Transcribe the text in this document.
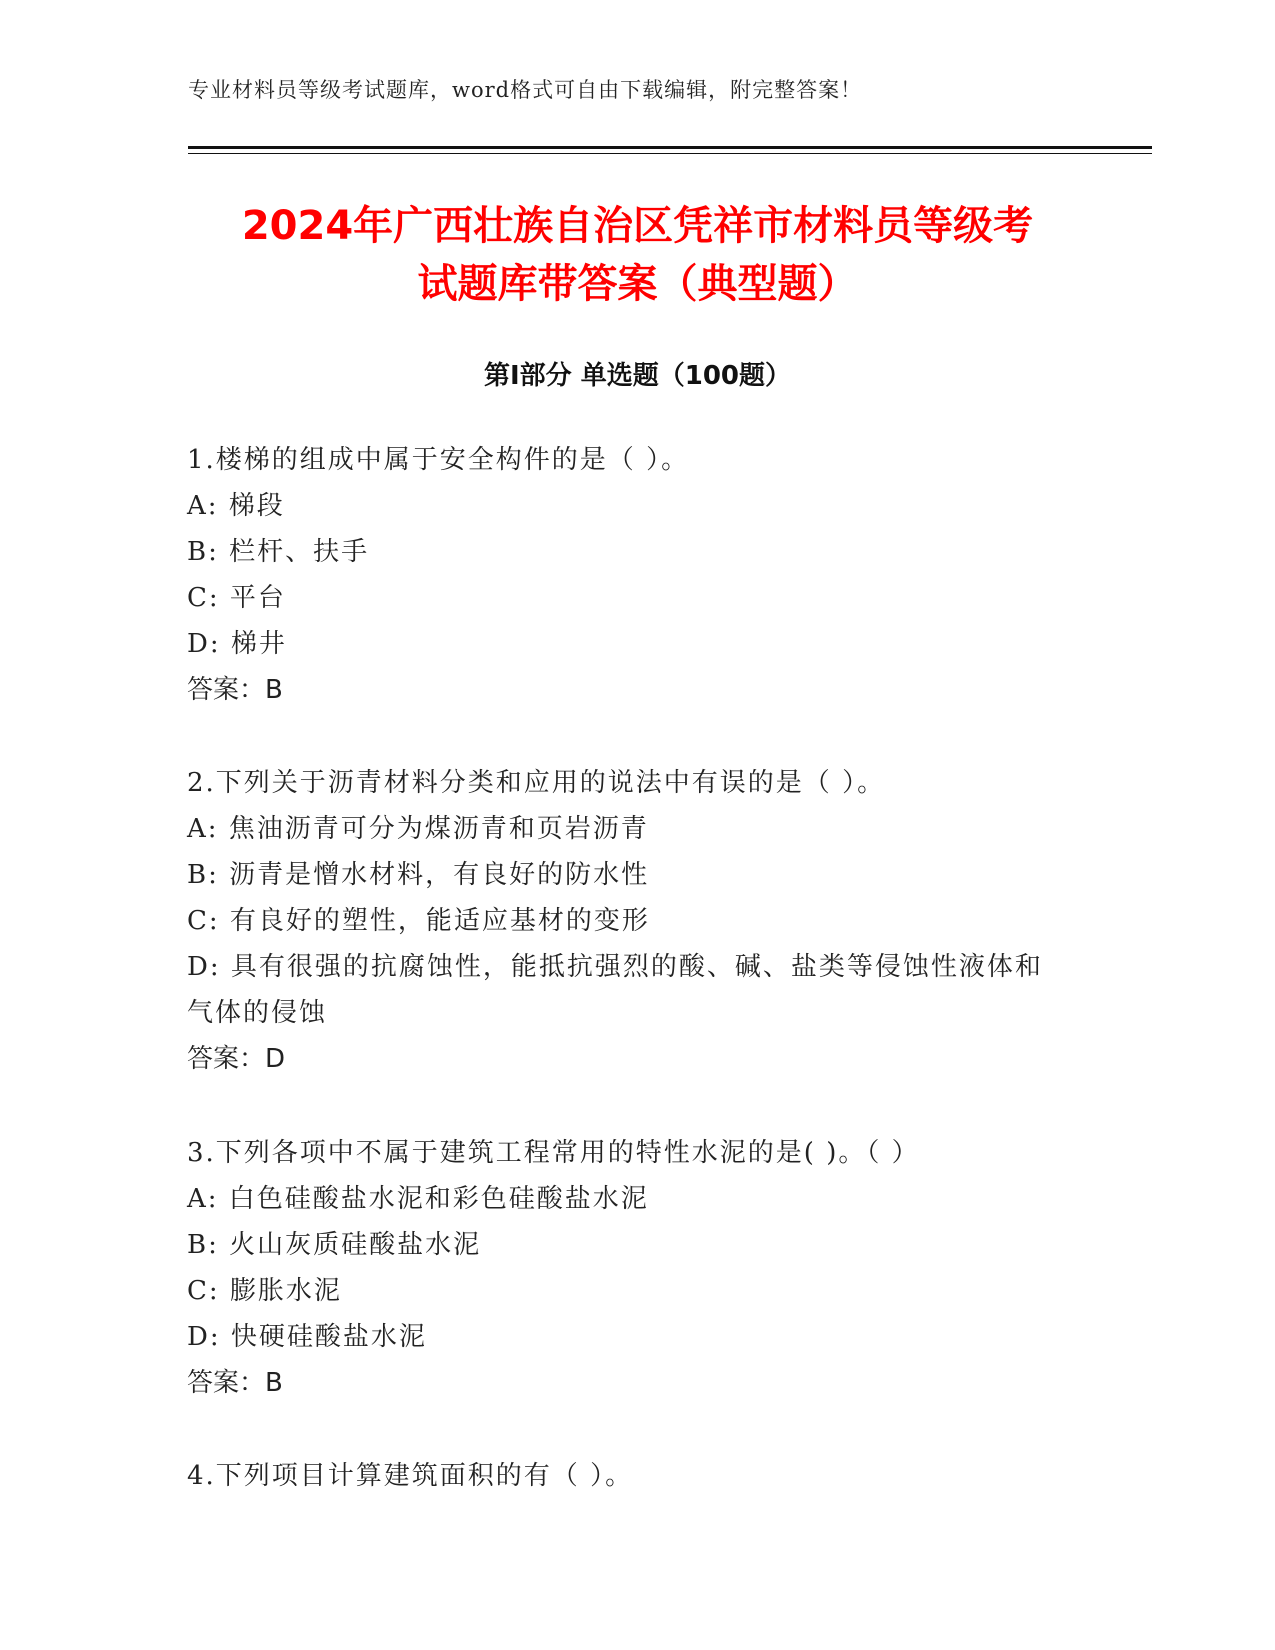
专业材料员等级考试题库，word格式可自由下载编辑，附完整答案！
2024年广西壮族自治区凭祥市材料员等级考
试题库带答案（典型题）
第Ⅰ部分 单选题（100题）
1.楼梯的组成中属于安全构件的是（ ）。
A: 梯段
B: 栏杆、扶手
C: 平台
D: 梯井
答案：B
2.下列关于沥青材料分类和应用的说法中有误的是（ ）。
A: 焦油沥青可分为煤沥青和页岩沥青
B: 沥青是憎水材料，有良好的防水性
C: 有良好的塑性，能适应基材的变形
D: 具有很强的抗腐蚀性，能抵抗强烈的酸、碱、盐类等侵蚀性液体和气体的侵蚀
答案：D
3.下列各项中不属于建筑工程常用的特性水泥的是( )。（ ）
A: 白色硅酸盐水泥和彩色硅酸盐水泥
B: 火山灰质硅酸盐水泥
C: 膨胀水泥
D: 快硬硅酸盐水泥
答案：B
4.下列项目计算建筑面积的有（ ）。
